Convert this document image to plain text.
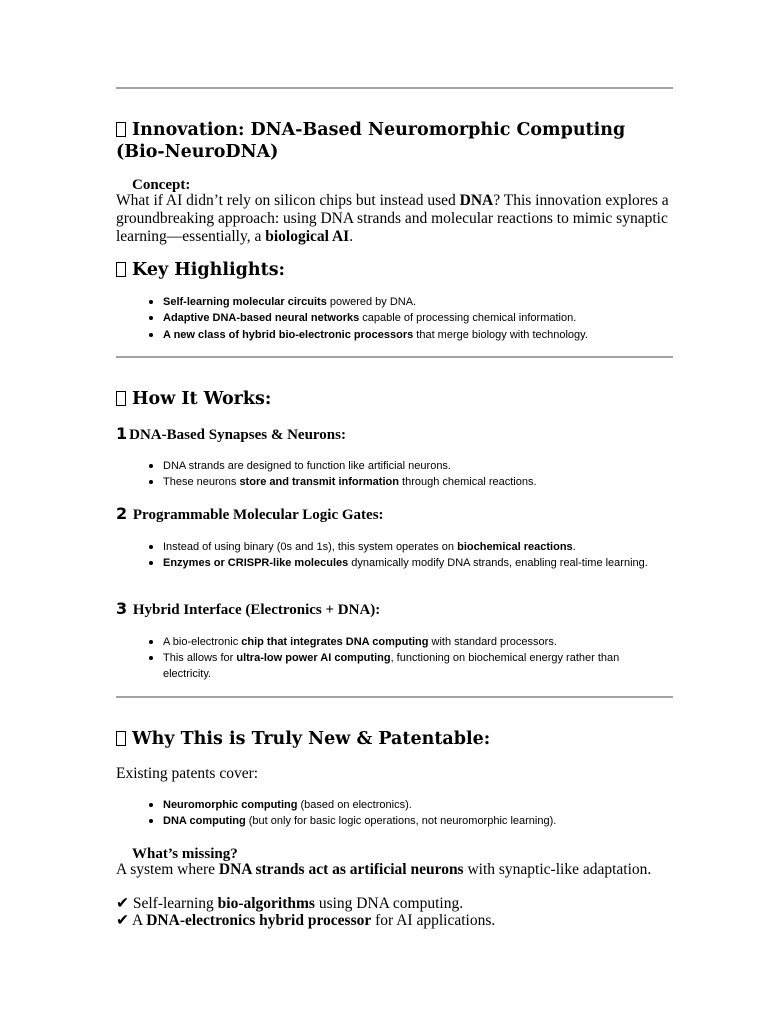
Innovation: DNA-Based Neuromorphic Computing (Bio-NeuroDNA)
Concept:

What if AI didn’t rely on silicon chips but instead used DNA? This innovation explores a groundbreaking approach: using DNA strands and molecular reactions to mimic synaptic learning—essentially, a biological AI.

Key Highlights:
• Self-learning molecular circuits powered by DNA.
• Adaptive DNA-based neural networks capable of processing chemical information.
• A new class of hybrid bio-electronic processors that merge biology with technology.
How It Works:
1 DNA-Based Synapses & Neurons:
• DNA strands are designed to function like artificial neurons.
• These neurons store and transmit information through chemical reactions.
2 Programmable Molecular Logic Gates:
• Instead of using binary (0s and 1s), this system operates on biochemical reactions.
• Enzymes or CRISPR-like molecules dynamically modify DNA strands, enabling real-time learning.
3 Hybrid Interface (Electronics + DNA):
• A bio-electronic chip that integrates DNA computing with standard processors.
• This allows for ultra-low power AI computing, functioning on biochemical energy rather than electricity.
Why This is Truly New & Patentable:

Existing patents cover:

• Neuromorphic computing (based on electronics).
• DNA computing (but only for basic logic operations, not neuromorphic learning).
What’s missing?

A system where DNA strands act as artificial neurons with synaptic-like adaptation.

✔ Self-learning bio-algorithms using DNA computing.

✔ A DNA-electronics hybrid processor for AI applications.
